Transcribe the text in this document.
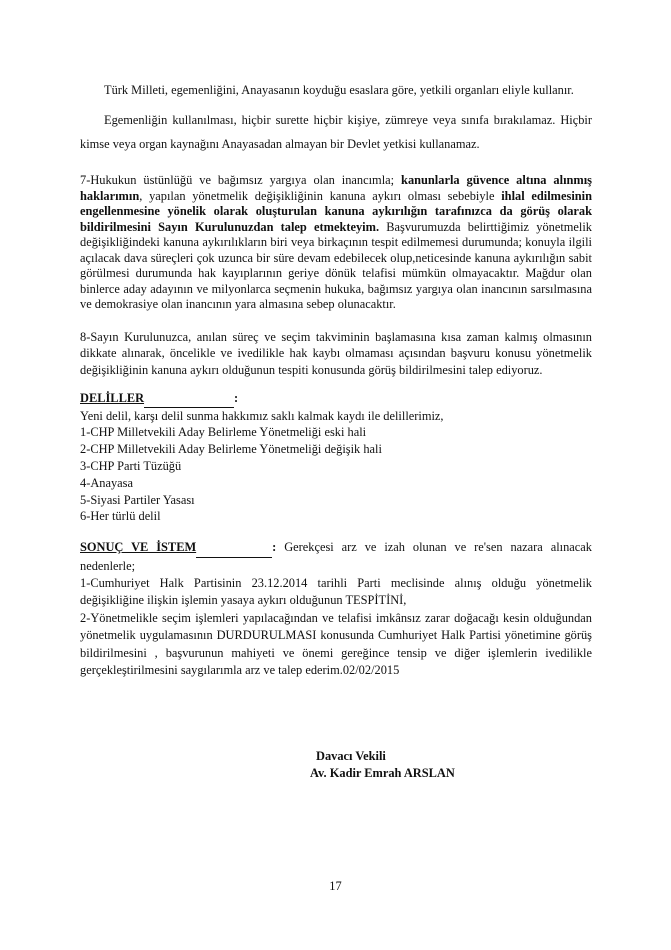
Türk Milleti, egemenliğini, Anayasanın koyduğu esaslara göre, yetkili organları eliyle kullanır.

Egemenliğin kullanılması, hiçbir surette hiçbir kişiye, zümreye veya sınıfa bırakılamaz. Hiçbir kimse veya organ kaynağını Anayasadan almayan bir Devlet yetkisi kullanamaz.

7-Hukukun üstünlüğü ve bağımsız yargıya olan inancımla; kanunlarla güvence altına alınmış haklarımın, yapılan yönetmelik değişikliğinin kanuna aykırı olması sebebiyle ihlal edilmesinin engellenmesine yönelik olarak oluşturulan kanuna aykırılığın tarafınızca da görüş olarak bildirilmesini Sayın Kurulunuzdan talep etmekteyim. Başvurumuzda belirttiğimiz yönetmelik değişikliğindeki kanuna aykırılıkların biri veya birkaçının tespit edilmemesi durumunda; konuyla ilgili açılacak dava süreçleri çok uzunca bir süre devam edebilecek olup,neticesinde kanuna aykırılığın sabit görülmesi durumunda hak kayıplarının geriye dönük telafisi mümkün olmayacaktır. Mağdur olan binlerce aday adayının ve milyonlarca seçmenin hukuka, bağımsız yargıya olan inancının sarsılmasına ve demokrasiye olan inancının yara almasına sebep olunacaktır.

8-Sayın Kurulunuzca, anılan süreç ve seçim takviminin başlamasına kısa zaman kalmış olmasının dikkate alınarak, öncelikle ve ivedilikle hak kaybı olmaması açısından başvuru konusu yönetmelik değişikliğinin kanuna aykırı olduğunun tespiti konusunda görüş bildirilmesini talep ediyoruz.

DELİLLER	:

Yeni delil, karşı delil sunma hakkımız saklı kalmak kaydı ile delillerimiz,

1-CHP Milletvekili Aday Belirleme Yönetmeliği eski hali

2-CHP Milletvekili Aday Belirleme Yönetmeliği değişik hali

3-CHP Parti Tüzüğü

4-Anayasa

5-Siyasi Partiler Yasası

6-Her türlü delil

SONUÇ VE İSTEM	: Gerekçesi arz ve izah olunan ve re'sen nazara alınacak nedenlerle;

1-Cumhuriyet Halk Partisinin 23.12.2014 tarihli Parti meclisinde alınış olduğu yönetmelik değişikliğine ilişkin işlemin yasaya aykırı olduğunun TESPİTİNİ,

2-Yönetmelikle seçim işlemleri yapılacağından ve telafisi imkânsız zarar doğacağı kesin olduğundan yönetmelik uygulamasının DURDURULMASI konusunda Cumhuriyet Halk Partisi yönetimine görüş bildirilmesini , başvurunun mahiyeti ve önemi gereğince tensip ve diğer işlemlerin ivedilikle gerçekleştirilmesini saygılarımla arz ve talep ederim.02/02/2015

Davacı Vekili

Av. Kadir Emrah ARSLAN

17
